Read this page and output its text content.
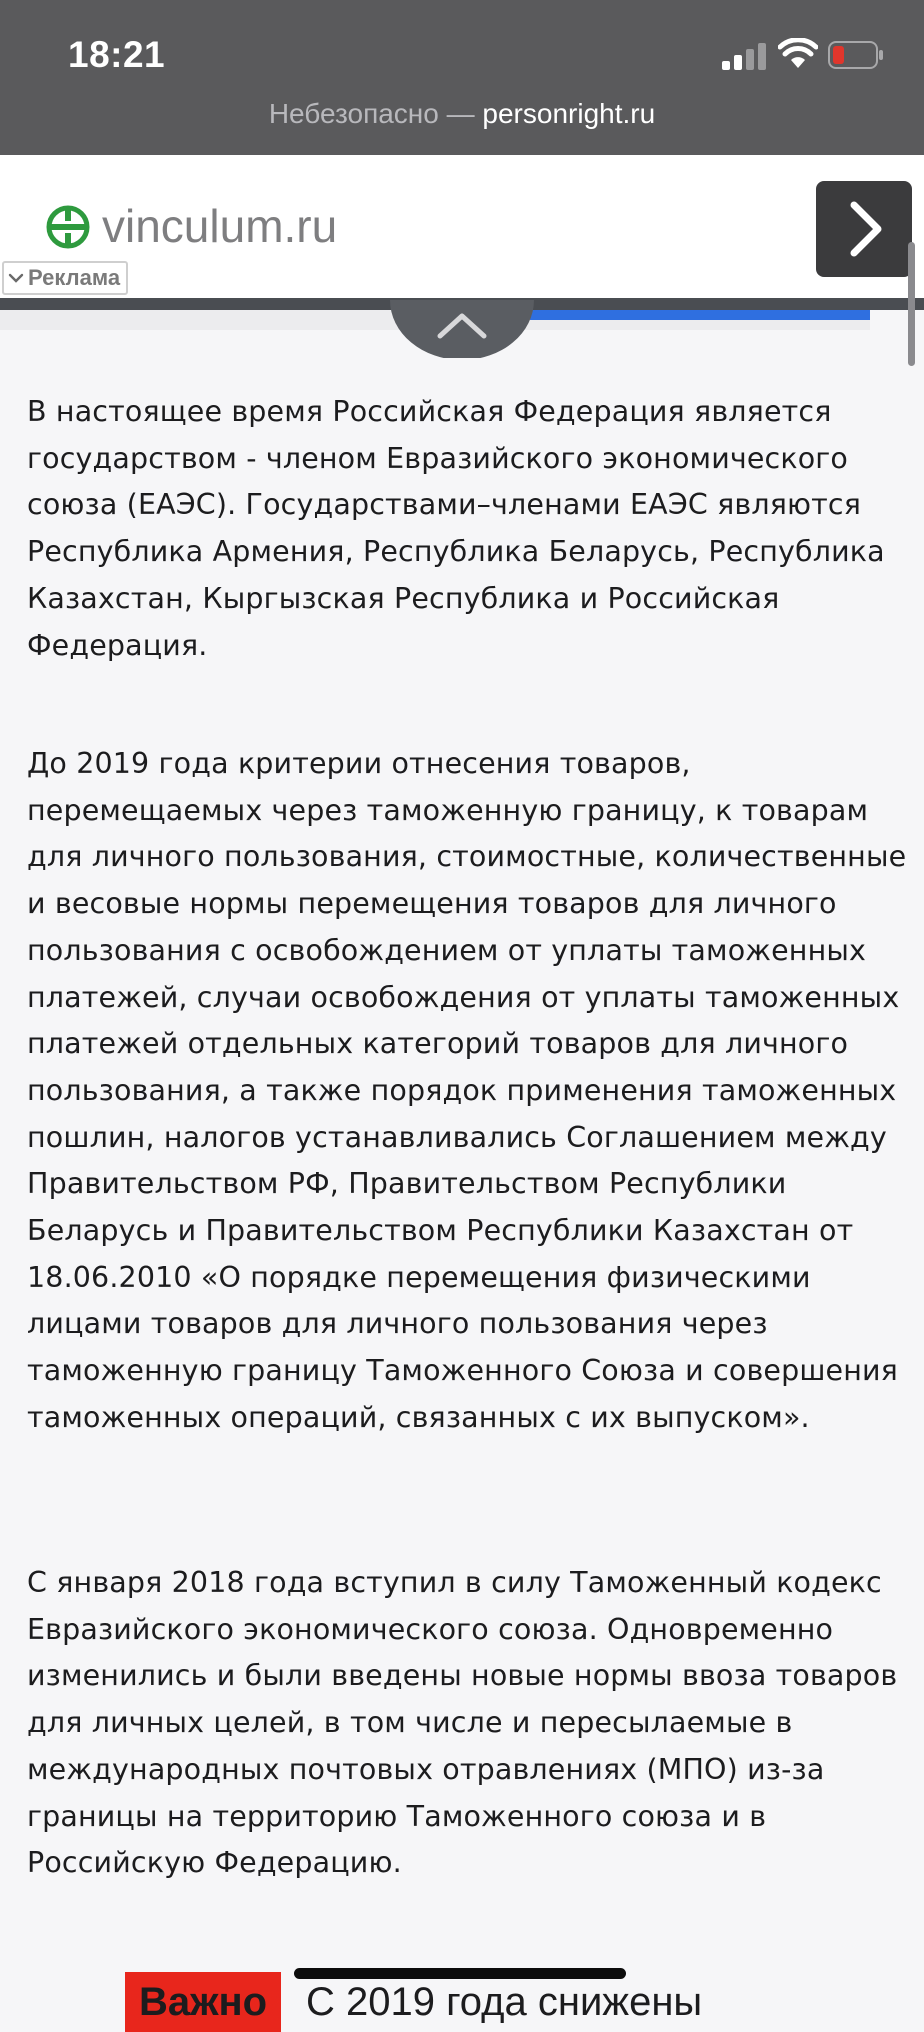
18:21
Небезопасно — personright.ru
vinculum.ru
Реклама

В настоящее время Российская Федерация является государством - членом Евразийского экономического союза (ЕАЭС). Государствами–членами ЕАЭС являются Республика Армения, Республика Беларусь, Республика Казахстан, Кыргызская Республика и Российская Федерация.

До 2019 года критерии отнесения товаров, перемещаемых через таможенную границу, к товарам для личного пользования, стоимостные, количественные и весовые нормы перемещения товаров для личного пользования с освобождением от уплаты таможенных платежей, случаи освобождения от уплаты таможенных платежей отдельных категорий товаров для личного пользования, а также порядок применения таможенных пошлин, налогов устанавливались Соглашением между Правительством РФ, Правительством Республики Беларусь и Правительством Республики Казахстан от 18.06.2010 «О порядке перемещения физическими лицами товаров для личного пользования через таможенную границу Таможенного Союза и совершения таможенных операций, связанных с их выпуском».

С января 2018 года вступил в силу Таможенный кодекс Евразийского экономического союза. Одновременно изменились и были введены новые нормы ввоза товаров для личных целей, в том числе и пересылаемые в международных почтовых отравлениях (МПО) из-за границы на территорию Таможенного союза и в Российскую Федерацию.

Важно С 2019 года снижены
